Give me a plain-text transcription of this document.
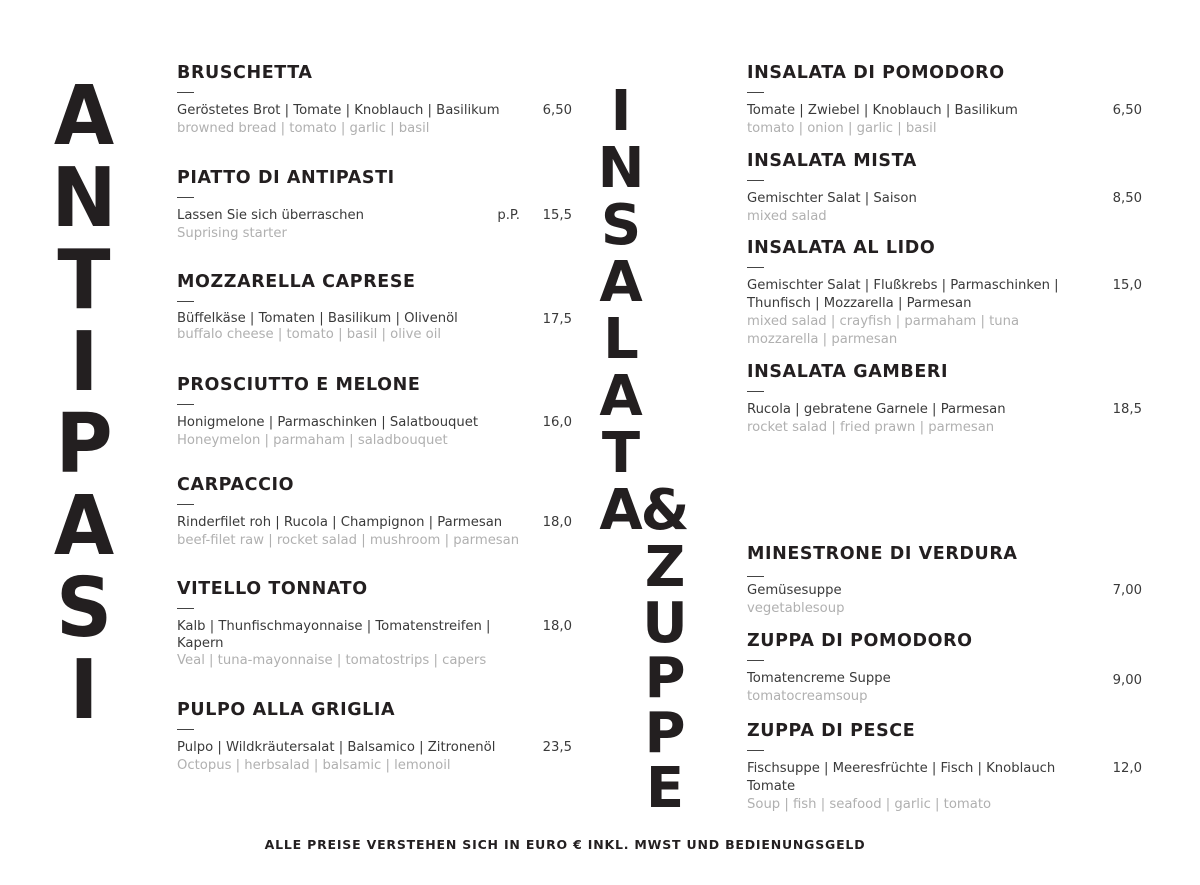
A
N
T
I
P
A
S
I
I
N
S
A
L
A
T
A
&
Z
U
P
P
E
BRUSCHETTA
Geröstetes Brot | Tomate | Knoblauch | Basilikum
browned bread | tomato | garlic | basil
6,50
PIATTO DI ANTIPASTI
Lassen Sie sich überraschen
Suprising starter
p.P. 15,5
MOZZARELLA CAPRESE
Büffelkäse | Tomaten | Basilikum | Olivenöl
buffalo cheese | tomato | basil | olive oil
17,5
PROSCIUTTO E MELONE
Honigmelone | Parmaschinken | Salatbouquet
Honeymelon | parmaham | saladbouquet
16,0
CARPACCIO
Rinderfilet roh | Rucola | Champignon | Parmesan
beef-filet raw | rocket salad | mushroom | parmesan
18,0
VITELLO TONNATO
Kalb | Thunfischmayonnaise | Tomatenstreifen | Kapern
Veal | tuna-mayonnaise | tomatostrips | capers
18,0
PULPO ALLA GRIGLIA
Pulpo | Wildkräutersalat | Balsamico | Zitronenöl
Octopus | herbsalad | balsamic | lemonoil
23,5
INSALATA DI POMODORO
Tomate | Zwiebel | Knoblauch | Basilikum
tomato | onion | garlic | basil
6,50
INSALATA MISTA
Gemischter Salat | Saison
mixed salad
8,50
INSALATA AL LIDO
Gemischter Salat | Flußkrebs | Parmaschinken | Thunfisch | Mozzarella | Parmesan
mixed salad | crayfish | parmaham | tuna mozzarella | parmesan
15,0
INSALATA GAMBERI
Rucola | gebratene Garnele | Parmesan
rocket salad | fried prawn | parmesan
18,5
MINESTRONE DI VERDURA
Gemüsesuppe
vegetablesoup
7,00
ZUPPA DI POMODORO
Tomatencreme Suppe
tomatocreamsoup
9,00
ZUPPA DI PESCE
Fischsuppe | Meeresfrüchte | Fisch | Knoblauch Tomate
Soup | fish | seafood | garlic | tomato
12,0
ALLE PREISE VERSTEHEN SICH IN EURO € INKL. MWST UND BEDIENUNGSGELD
